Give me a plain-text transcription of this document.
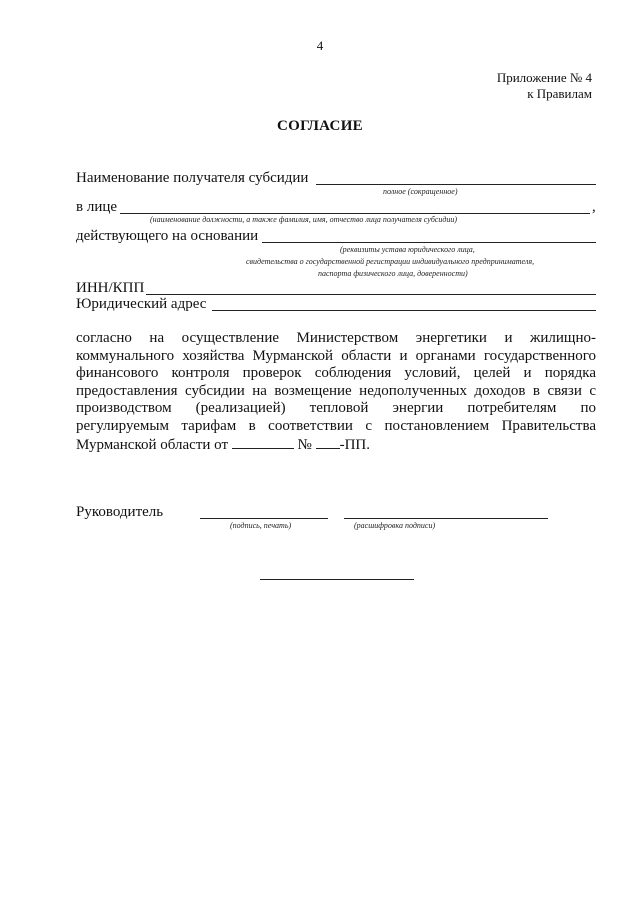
4
Приложение № 4
к Правилам
СОГЛАСИЕ
Наименование получателя субсидии
полное (сокращенное)
в лице	,
(наименование должности, а также фамилия, имя, отчество лица получателя субсидии)
действующего на основании
(реквизиты устава юридического лица,
свидетельства о государственной регистрации индивидуального предпринимателя,
паспорта физического лица, доверенности)
ИНН/КПП
Юридический адрес
согласно на осуществление Министерством энергетики и жилищно-
коммунального хозяйства Мурманской области и органами государственного
финансового контроля проверок соблюдения условий, целей и порядка
предоставления субсидии на возмещение недополученных доходов в связи с
производством (реализацией) тепловой энергии потребителям по
регулируемым тарифам в соответствии с постановлением Правительства
Мурманской области от	№ -ПП.
Руководитель
(подпись, печать)	(расшифровка подписи)
